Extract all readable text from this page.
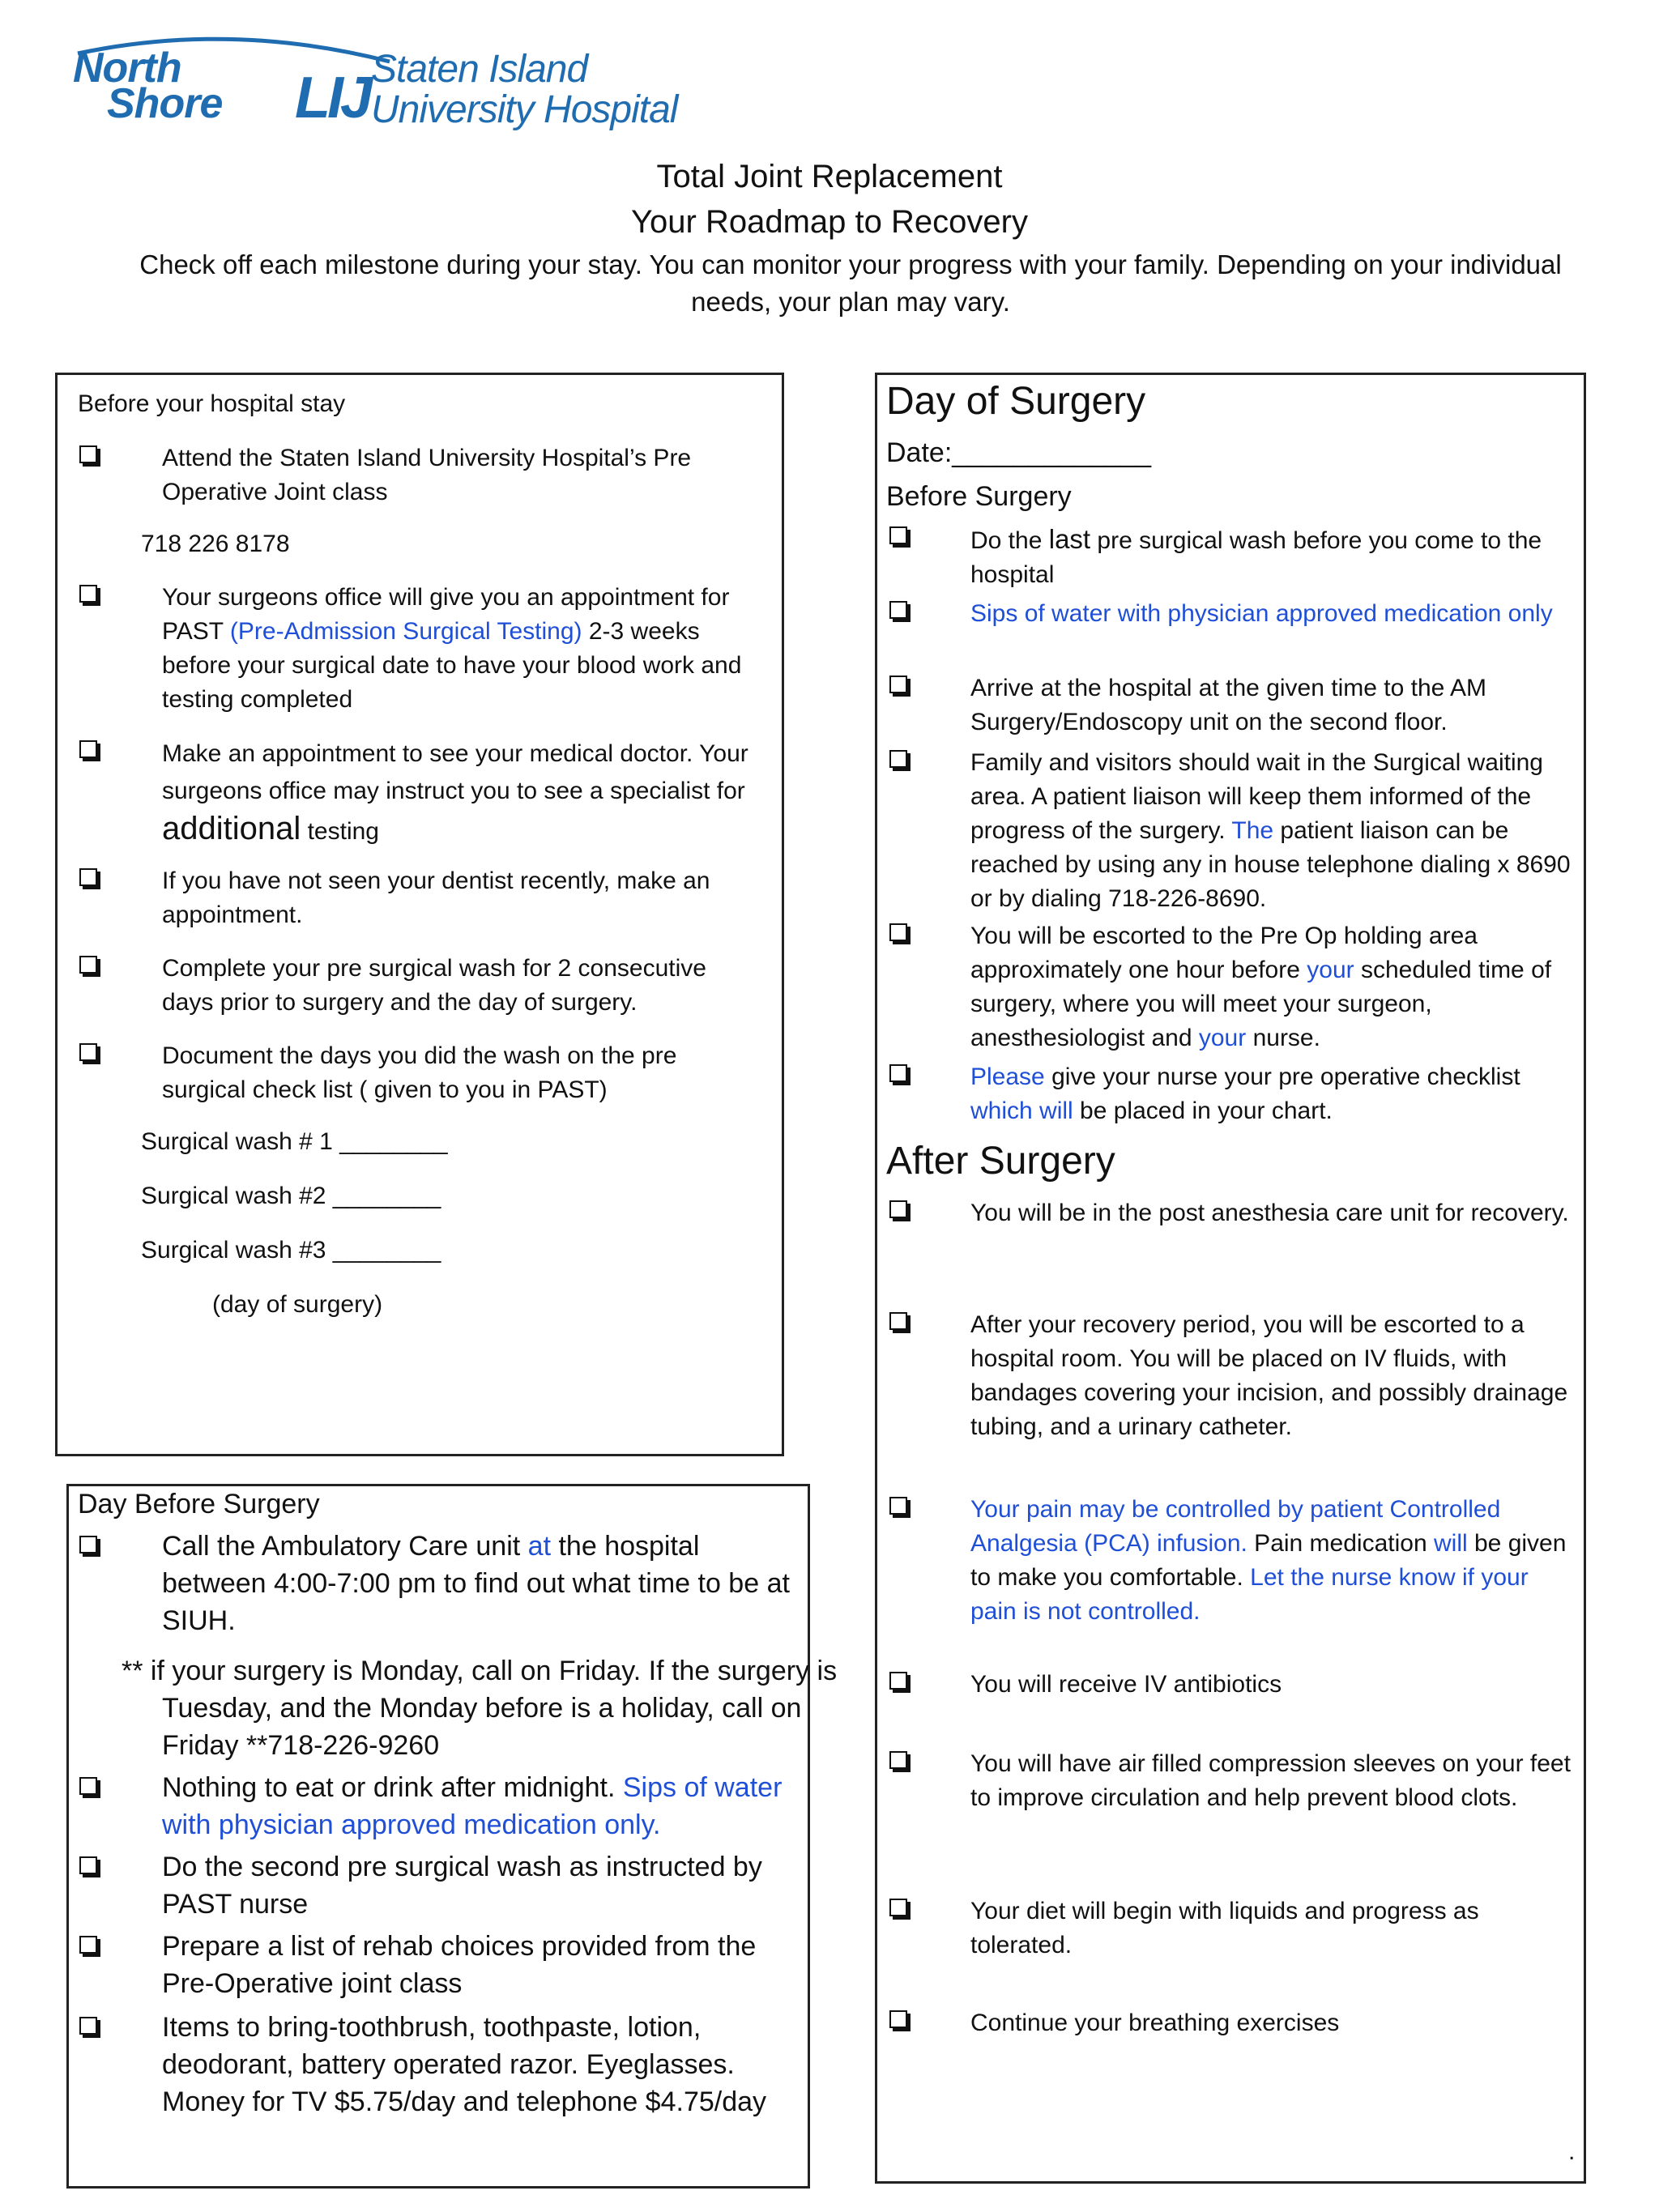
North
Shore LIJ Staten Island
University Hospital
Total Joint Replacement
Your Roadmap to Recovery
Check off each milestone during your stay. You can monitor your progress with your family. Depending on your individual needs, your plan may vary.
Before your hospital stay
Attend the Staten Island University Hospital’s Pre Operative Joint class
718 226 8178
Your surgeons office will give you an appointment for PAST (Pre-Admission Surgical Testing) 2-3 weeks before your surgical date to have your blood work and testing completed
Make an appointment to see your medical doctor. Your surgeons office may instruct you to see a specialist for additional testing
If you have not seen your dentist recently, make an appointment.
Complete your pre surgical wash for 2 consecutive days prior to surgery and the day of surgery.
Document the days you did the wash on the pre surgical check list ( given to you in PAST)
Surgical wash # 1 ________
Surgical wash #2 ________
Surgical wash #3 ________
(day of surgery)
Day Before Surgery
Call the Ambulatory Care unit at the hospital between 4:00-7:00 pm to find out what time to be at SIUH.
** if your surgery is Monday, call on Friday. If the surgery is Tuesday, and the Monday before is a holiday, call on Friday **718-226-9260
Nothing to eat or drink after midnight. Sips of water with physician approved medication only.
Do the second pre surgical wash as instructed by PAST nurse
Prepare a list of rehab choices provided from the Pre-Operative joint class
Items to bring-toothbrush, toothpaste, lotion, deodorant, battery operated razor. Eyeglasses. Money for TV $5.75/day and telephone $4.75/day
Day of Surgery
Date:_____________
Before Surgery
Do the last pre surgical wash before you come to the hospital
Sips of water with physician approved medication only
Arrive at the hospital at the given time to the AM Surgery/Endoscopy unit on the second floor.
Family and visitors should wait in the Surgical waiting area. A patient liaison will keep them informed of the progress of the surgery. The patient liaison can be reached by using any in house telephone dialing x 8690 or by dialing 718-226-8690.
You will be escorted to the Pre Op holding area approximately one hour before your scheduled time of surgery, where you will meet your surgeon, anesthesiologist and your nurse.
Please give your nurse your pre operative checklist which will be placed in your chart.
After Surgery
You will be in the post anesthesia care unit for recovery.
After your recovery period, you will be escorted to a hospital room. You will be placed on IV fluids, with bandages covering your incision, and possibly drainage tubing, and a urinary catheter.
Your pain may be controlled by patient Controlled Analgesia (PCA) infusion. Pain medication will be given to make you comfortable. Let the nurse know if your pain is not controlled.
You will receive IV antibiotics
You will have air filled compression sleeves on your feet to improve circulation and help prevent blood clots.
Your diet will begin with liquids and progress as tolerated.
Continue your breathing exercises
.
